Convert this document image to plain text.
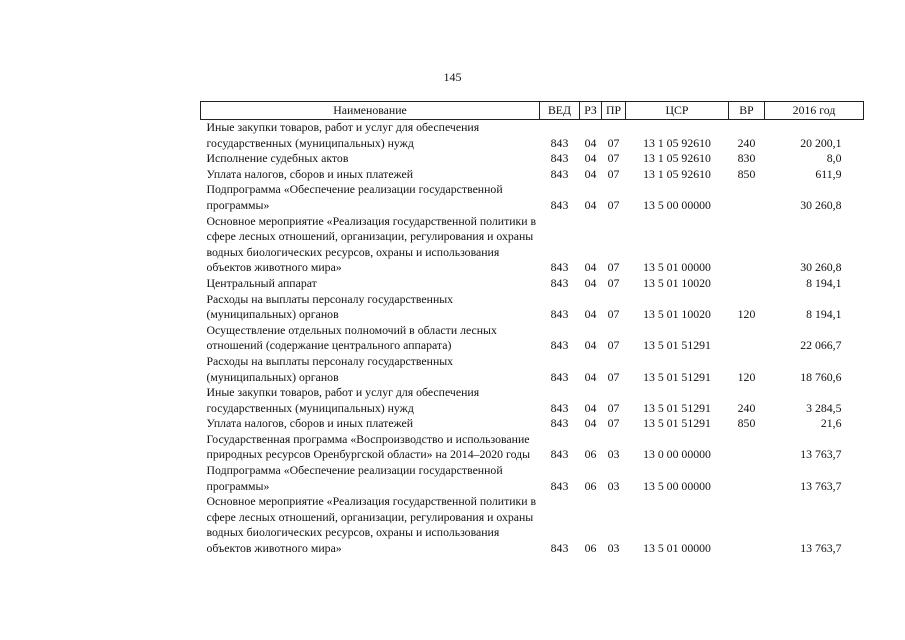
145
Наименование	ВЕД	РЗ	ПР	ЦСР	ВР	2016 год
Иные закупки товаров, работ и услуг для обеспечения государственных (муниципальных) нужд	843	04	07	13 1 05 92610	240	20 200,1
Исполнение судебных актов	843	04	07	13 1 05 92610	830	8,0
Уплата налогов, сборов и иных платежей	843	04	07	13 1 05 92610	850	611,9
Подпрограмма «Обеспечение реализации государственной программы»	843	04	07	13 5 00 00000		30 260,8
Основное мероприятие «Реализация государственной политики в сфере лесных отношений, организации, регулирования и охраны водных биологических ресурсов, охраны и использования объектов животного мира»	843	04	07	13 5 01 00000		30 260,8
Центральный аппарат	843	04	07	13 5 01 10020		8 194,1
Расходы на выплаты персоналу государственных (муниципальных) органов	843	04	07	13 5 01 10020	120	8 194,1
Осуществление отдельных полномочий в области лесных отношений (содержание центрального аппарата)	843	04	07	13 5 01 51291		22 066,7
Расходы на выплаты персоналу государственных (муниципальных) органов	843	04	07	13 5 01 51291	120	18 760,6
Иные закупки товаров, работ и услуг для обеспечения государственных (муниципальных) нужд	843	04	07	13 5 01 51291	240	3 284,5
Уплата налогов, сборов и иных платежей	843	04	07	13 5 01 51291	850	21,6
Государственная программа «Воспроизводство и использование природных ресурсов Оренбургской области» на 2014–2020 годы	843	06	03	13 0 00 00000		13 763,7
Подпрограмма «Обеспечение реализации государственной программы»	843	06	03	13 5 00 00000		13 763,7
Основное мероприятие «Реализация государственной политики в сфере лесных отношений, организации, регулирования и охраны водных биологических ресурсов, охраны и использования объектов животного мира»	843	06	03	13 5 01 00000		13 763,7
